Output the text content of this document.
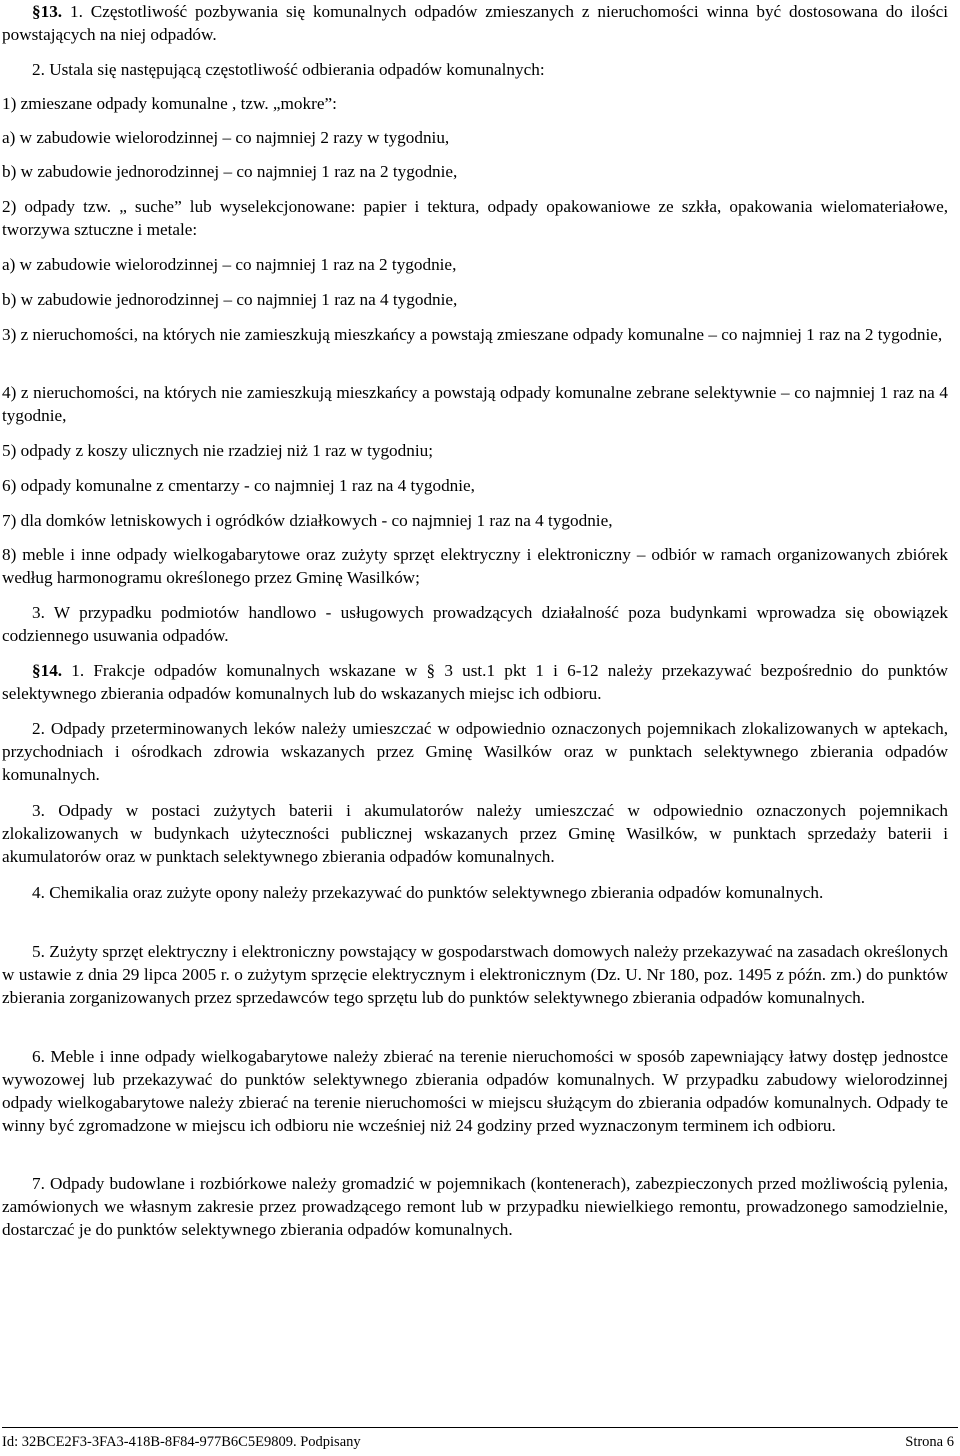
§13. 1. Częstotliwość pozbywania się komunalnych odpadów zmieszanych z nieruchomości winna być dostosowana do ilości powstających na niej odpadów.

2. Ustala się następującą częstotliwość odbierania odpadów komunalnych:

1) zmieszane odpady komunalne , tzw. „mokre”:

a) w zabudowie wielorodzinnej – co najmniej 2 razy w tygodniu,

b) w zabudowie jednorodzinnej – co najmniej 1 raz na 2 tygodnie,

2) odpady tzw. „ suche” lub wyselekcjonowane: papier i tektura, odpady opakowaniowe ze szkła, opakowania wielomateriałowe, tworzywa sztuczne i metale:

a) w zabudowie wielorodzinnej – co najmniej 1 raz na 2 tygodnie,

b) w zabudowie jednorodzinnej – co najmniej 1 raz na 4 tygodnie,

3) z nieruchomości, na których nie zamieszkują mieszkańcy a powstają zmieszane odpady komunalne – co najmniej 1 raz na 2 tygodnie,

4) z nieruchomości, na których nie zamieszkują mieszkańcy a powstają odpady komunalne zebrane selektywnie – co najmniej 1 raz na 4 tygodnie,

5) odpady z koszy ulicznych nie rzadziej niż 1 raz w tygodniu;

6) odpady komunalne z cmentarzy - co najmniej 1 raz na 4 tygodnie,

7) dla domków letniskowych i ogródków działkowych - co najmniej 1 raz na 4 tygodnie,

8) meble i inne odpady wielkogabarytowe oraz zużyty sprzęt elektryczny i elektroniczny – odbiór w ramach organizowanych zbiórek według harmonogramu określonego przez Gminę Wasilków;

3. W przypadku podmiotów handlowo - usługowych prowadzących działalność poza budynkami wprowadza się obowiązek codziennego usuwania odpadów.

§14. 1. Frakcje odpadów komunalnych wskazane w § 3 ust.1 pkt 1 i 6-12 należy przekazywać bezpośrednio do punktów selektywnego zbierania odpadów komunalnych lub do wskazanych miejsc ich odbioru.

2. Odpady przeterminowanych leków należy umieszczać w odpowiednio oznaczonych pojemnikach zlokalizowanych w aptekach, przychodniach i ośrodkach zdrowia wskazanych przez Gminę Wasilków oraz w punktach selektywnego zbierania odpadów komunalnych.

3. Odpady w postaci zużytych baterii i akumulatorów należy umieszczać w odpowiednio oznaczonych pojemnikach zlokalizowanych w budynkach użyteczności publicznej wskazanych przez Gminę Wasilków, w punktach sprzedaży baterii i akumulatorów oraz w punktach selektywnego zbierania odpadów komunalnych.

4. Chemikalia oraz zużyte opony należy przekazywać do punktów selektywnego zbierania odpadów komunalnych.

5. Zużyty sprzęt elektryczny i elektroniczny powstający w gospodarstwach domowych należy przekazywać na zasadach określonych w ustawie z dnia 29 lipca 2005 r. o zużytym sprzęcie elektrycznym i elektronicznym (Dz. U. Nr 180, poz. 1495 z późn. zm.) do punktów zbierania zorganizowanych przez sprzedawców tego sprzętu lub do punktów selektywnego zbierania odpadów komunalnych.

6. Meble i inne odpady wielkogabarytowe należy zbierać na terenie nieruchomości w sposób zapewniający łatwy dostęp jednostce wywozowej lub przekazywać do punktów selektywnego zbierania odpadów komunalnych. W przypadku zabudowy wielorodzinnej odpady wielkogabarytowe należy zbierać na terenie nieruchomości w miejscu służącym do zbierania odpadów komunalnych. Odpady te winny być zgromadzone w miejscu ich odbioru nie wcześniej niż 24 godziny przed wyznaczonym terminem ich odbioru.

7. Odpady budowlane i rozbiórkowe należy gromadzić w pojemnikach (kontenerach), zabezpieczonych przed możliwością pylenia, zamówionych we własnym zakresie przez prowadzącego remont lub w przypadku niewielkiego remontu, prowadzonego samodzielnie, dostarczać je do punktów selektywnego zbierania odpadów komunalnych.

Id: 32BCE2F3-3FA3-418B-8F84-977B6C5E9809. Podpisany	Strona 6
